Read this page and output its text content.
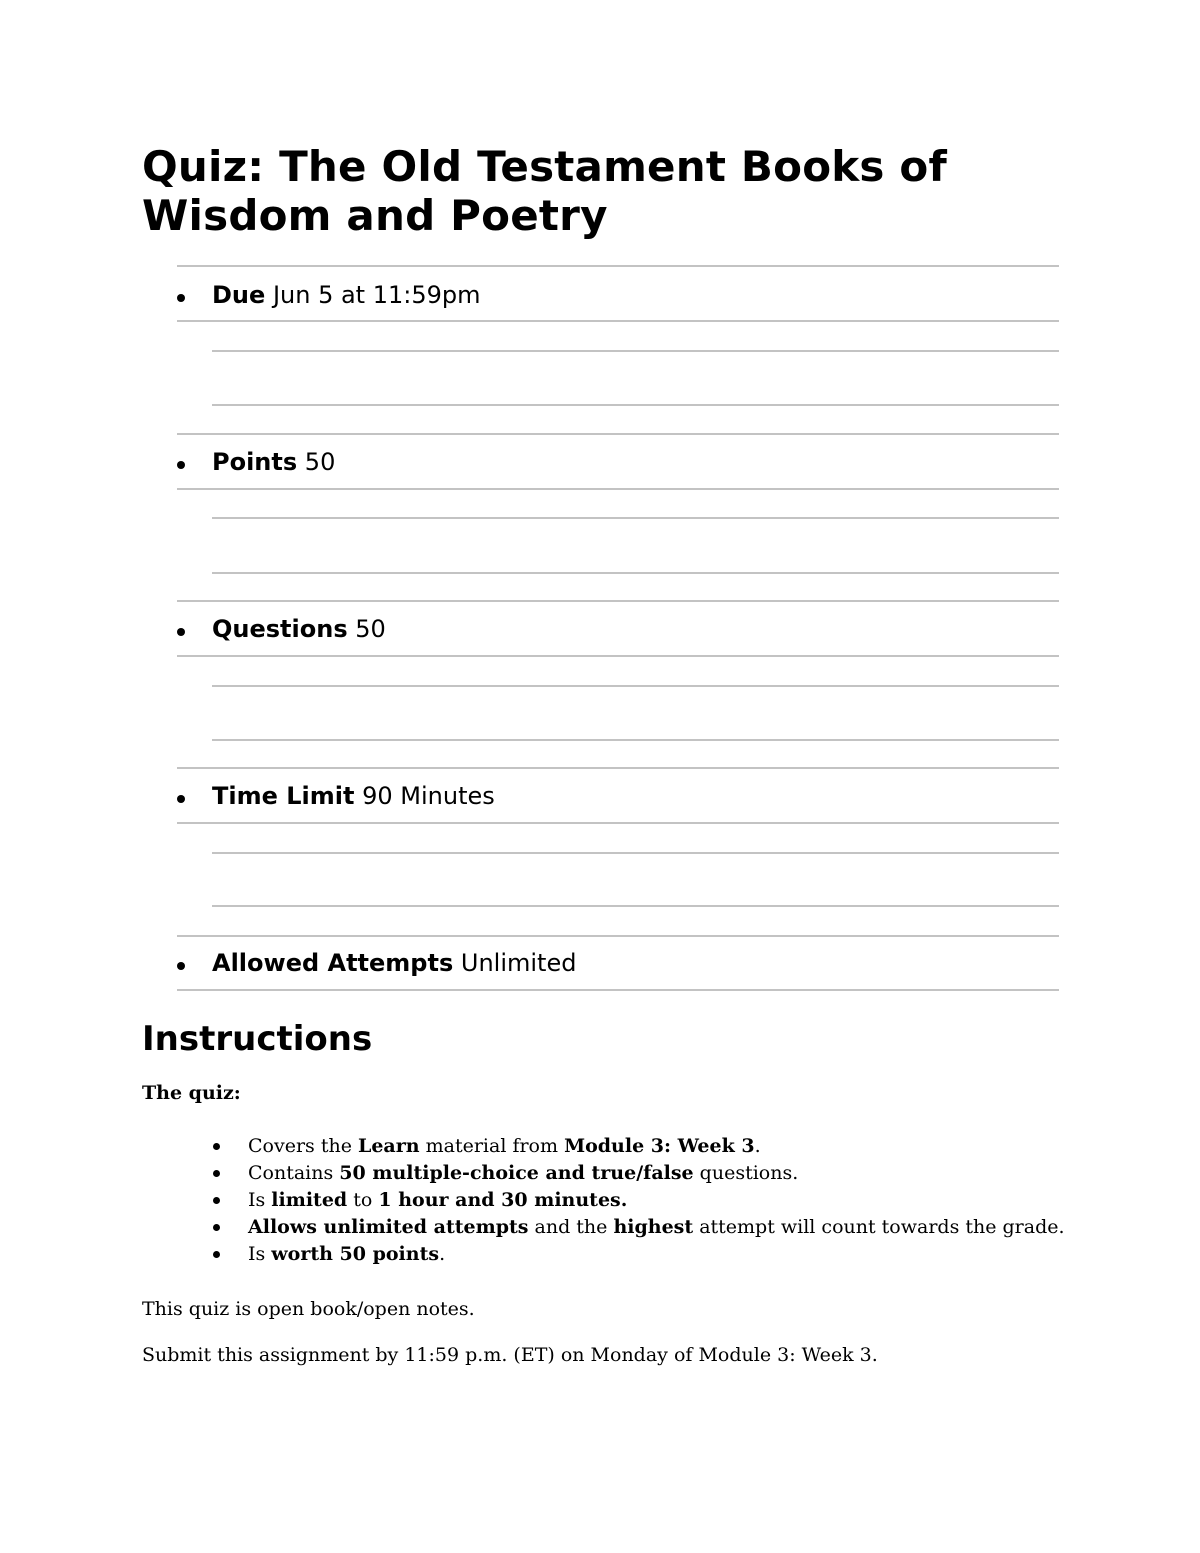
Quiz: The Old Testament Books of Wisdom and Poetry
Due Jun 5 at 11:59pm
Points 50
Questions 50
Time Limit 90 Minutes
Allowed Attempts Unlimited
Instructions
The quiz:
Covers the Learn material from Module 3: Week 3.
Contains 50 multiple-choice and true/false questions.
Is limited to 1 hour and 30 minutes.
Allows unlimited attempts and the highest attempt will count towards the grade.
Is worth 50 points.
This quiz is open book/open notes.
Submit this assignment by 11:59 p.m. (ET) on Monday of Module 3: Week 3.
